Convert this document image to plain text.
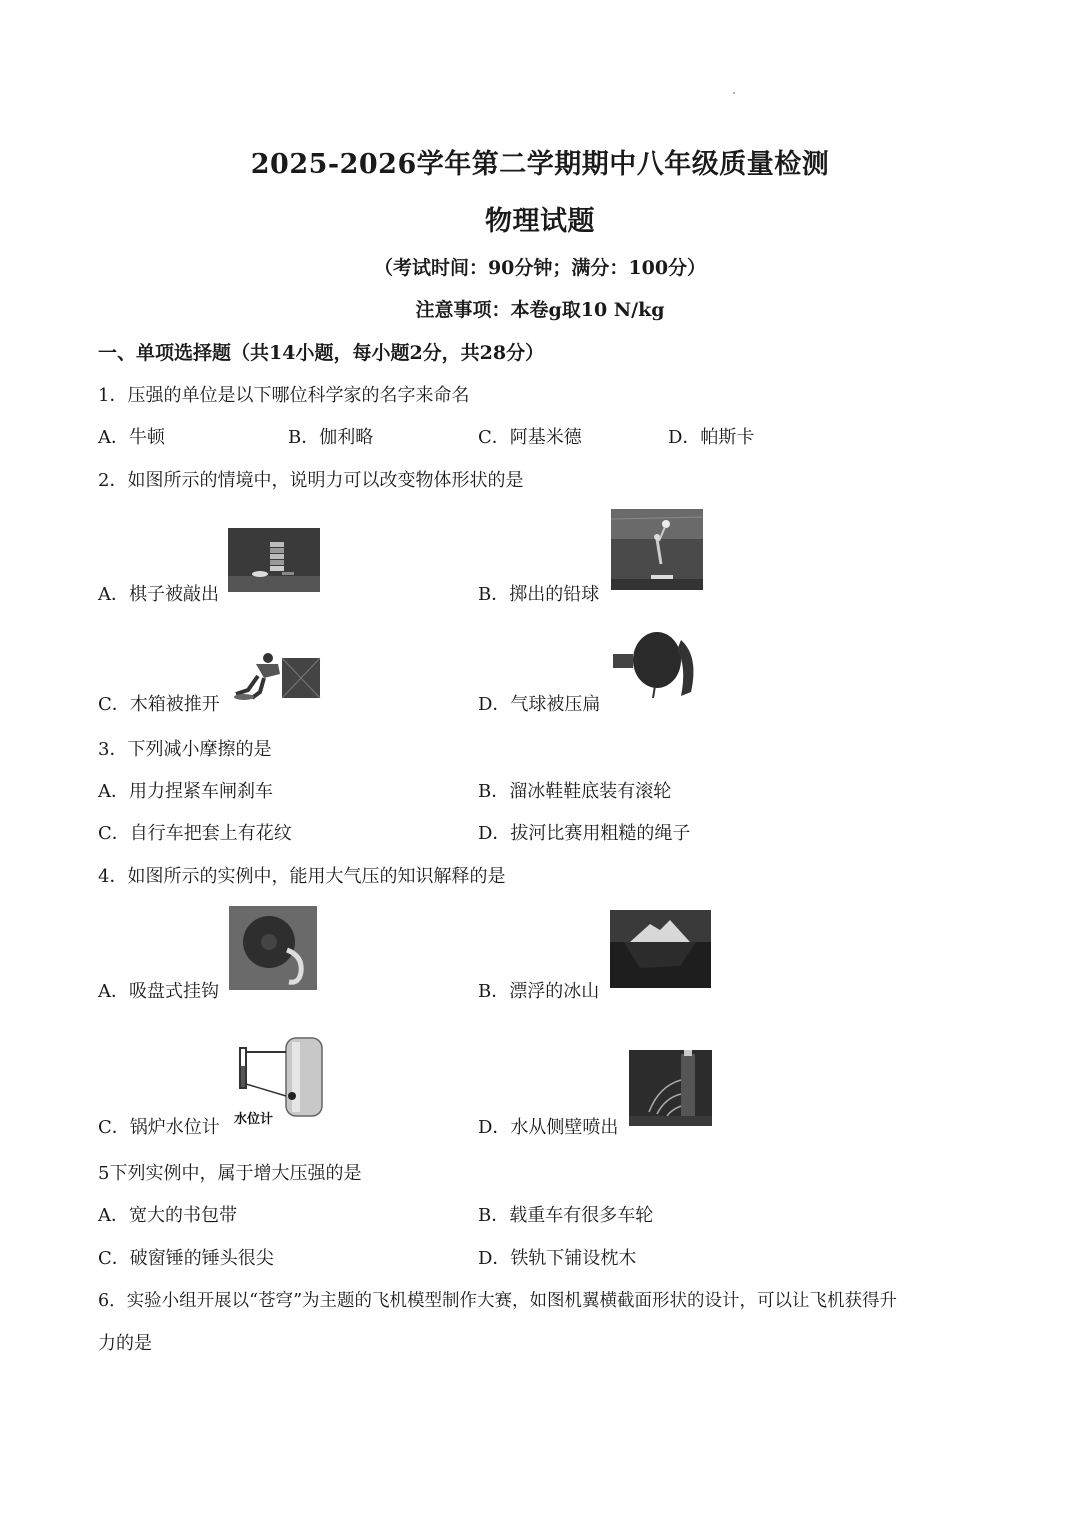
2025-2026学年第二学期期中八年级质量检测
物理试题
（考试时间：90分钟；满分：100分）
注意事项：本卷g取10 N/kg
一、单项选择题（共14小题，每小题2分，共28分）
1．压强的单位是以下哪位科学家的名字来命名
A．牛顿	B．伽利略	C．阿基米德	D．帕斯卡
2．如图所示的情境中，说明力可以改变物体形状的是
A．棋子被敲出	B．掷出的铅球
C．木箱被推开	D．气球被压扁
3．下列减小摩擦的是
A．用力捏紧车闸刹车	B．溜冰鞋鞋底装有滚轮
C．自行车把套上有花纹	D．拔河比赛用粗糙的绳子
4．如图所示的实例中，能用大气压的知识解释的是
A．吸盘式挂钩	B．漂浮的冰山
C．锅炉水位计 水位计	D．水从侧壁喷出
5下列实例中，属于增大压强的是
A．宽大的书包带	B．载重车有很多车轮
C．破窗锤的锤头很尖	D．铁轨下铺设枕木
6．实验小组开展以“苍穹”为主题的飞机模型制作大赛，如图机翼横截面形状的设计，可以让飞机获得升
力的是
